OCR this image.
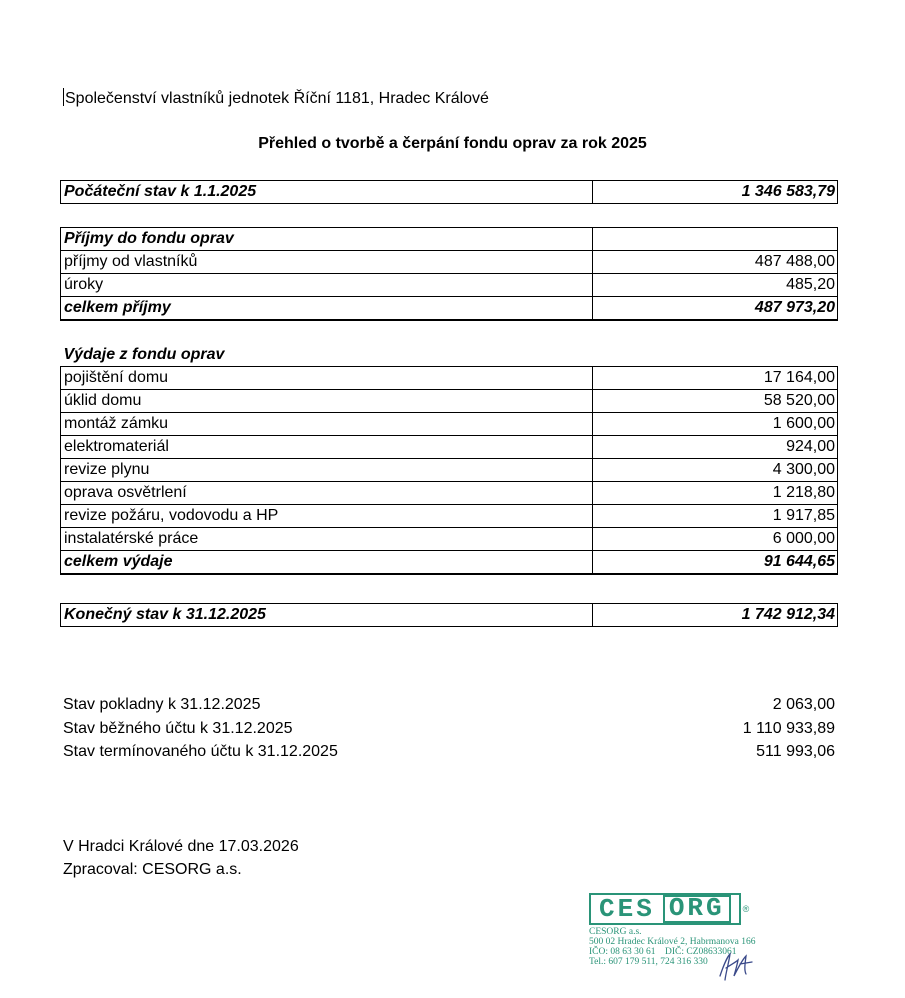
Společenství vlastníků jednotek Říční 1181, Hradec Králové
Přehled o tvorbě a čerpání fondu oprav za rok 2025
Počáteční stav k 1.1.2025	1 346 583,79
Příjmy do fondu oprav	
příjmy od vlastníků	487 488,00
úroky	485,20
celkem příjmy	487 973,20
Výdaje z fondu oprav	
pojištění domu	17 164,00
úklid domu	58 520,00
montáž zámku	1 600,00
elektromateriál	924,00
revize plynu	4 300,00
oprava osvětrlení	1 218,80
revize požáru, vodovodu a HP	1 917,85
instalatérské práce	6 000,00
celkem výdaje	91 644,65
Konečný stav k 31.12.2025	1 742 912,34
Stav pokladny k 31.12.2025	2 063,00
Stav běžného účtu k 31.12.2025	1 110 933,89
Stav termínovaného účtu k 31.12.2025	511 993,06
V Hradci Králové dne 17.03.2026
Zpracoval: CESORG a.s.
CES ORG	®
CESORG a.s.
500 02 Hradec Králové 2, Habrmanova 166
IČO: 08 63 30 61    DIČ: CZ08633061
Tel.: 607 179 511, 724 316 330
